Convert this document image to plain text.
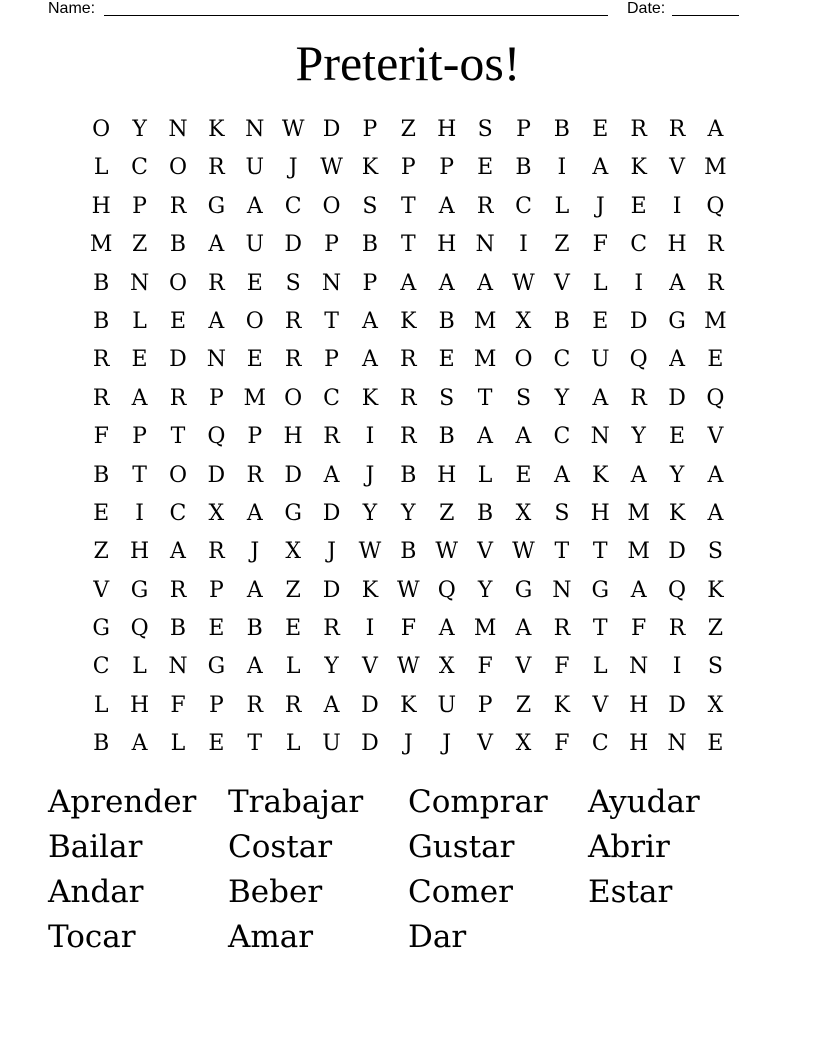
Name:	Date:
Preterit-os!
O	Y N K N W D	P	Z H S	P	B	E	R R	A
L	C O R U	J	W K	P	P	E	B	I	A	K	V M
H P	R G A	C O S	T	A	R C	L	J	E	I	Q
M Z	B	A U D	P	B	T H N	I	Z	F	C H R
B N O R	E	S N P	A	A	A W V	L	I	A	R
B	L	E	A O R	T	A	K	B M X	B	E D G M
R	E D N E	R	P	A	R	E M O C U Q A	E
R	A	R	P M O C K R	S	T	S	Y	A	R D Q
F	P	T	Q P H R	I	R	B	A	A	C N Y	E	V
B	T	O D R D A	J	B H L	E	A	K	A	Y	A
E	I	C	X	A G D	Y	Y	Z	B	X	S H M K	A
Z H A	R	J	X	J	W B W V W T	T M D	S
V G R	P	A	Z D K W Q	Y	G N G A Q K
G Q B	E	B	E	R	I	F	A M A	R	T	F	R	Z
C	L N G A	L	Y	V W X	F	V	F	L N	I	S
L H F	P	R R	A D K U P	Z	K	V H D X
B	A	L	E	T	L U D	J	J	V	X	F	C H N E
Aprender	Trabajar	Comprar	Ayudar
Bailar	Costar	Gustar	Abrir
Andar	Beber	Comer	Estar
Tocar	Amar	Dar
